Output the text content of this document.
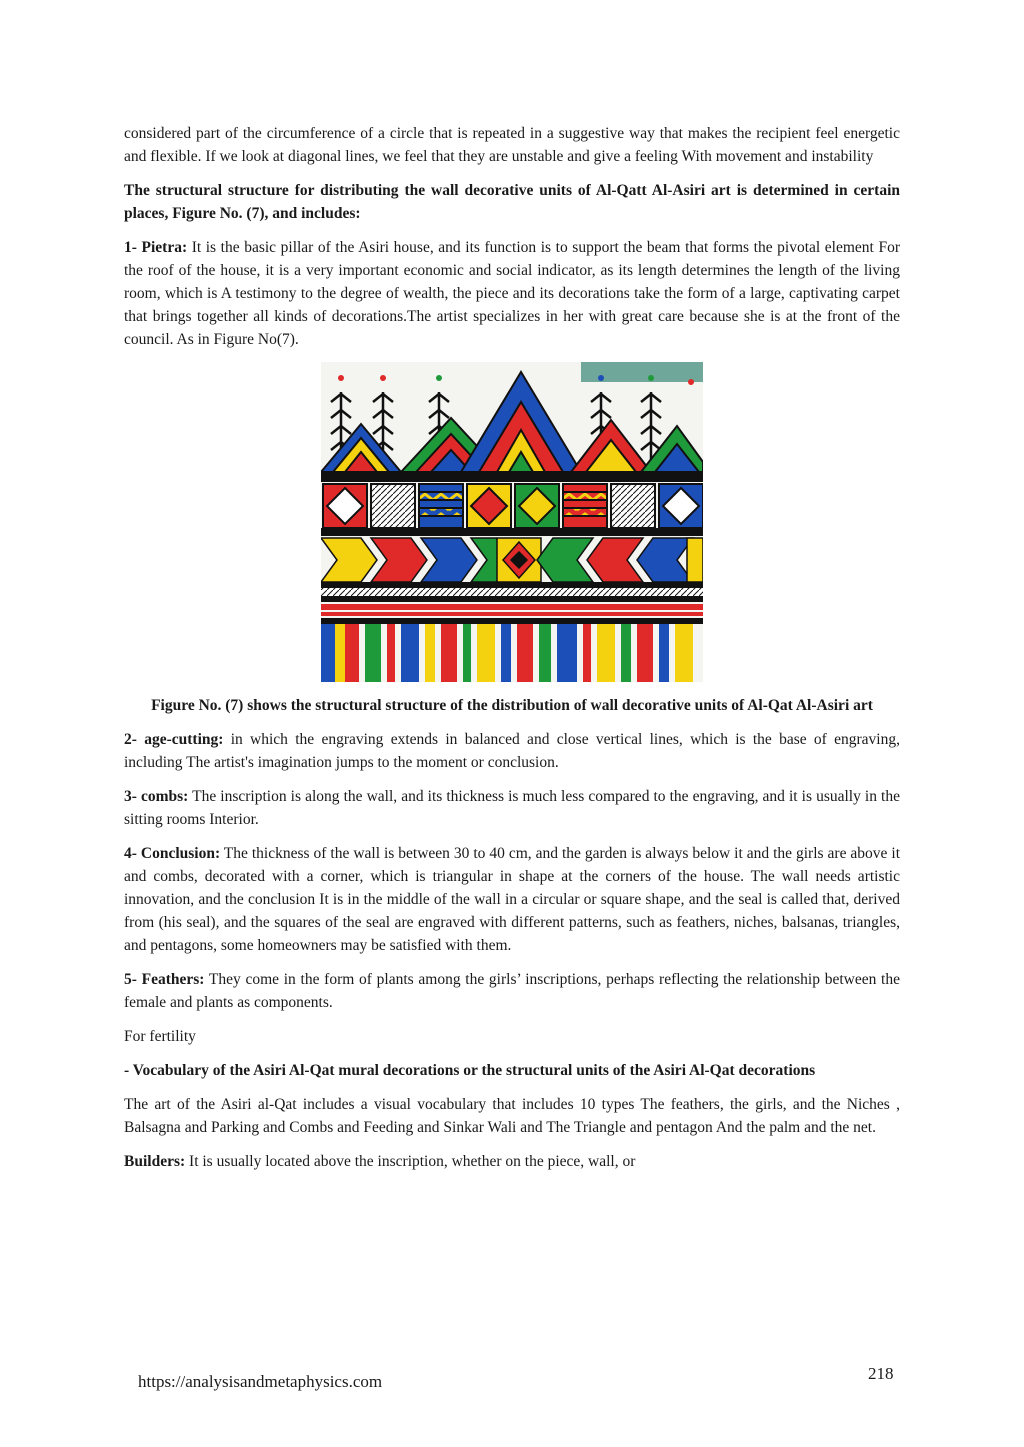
considered part of the circumference of a circle that is repeated in a suggestive way that makes the recipient feel energetic and flexible. If we look at diagonal lines, we feel that they are unstable and give a feeling With movement and instability

The structural structure for distributing the wall decorative units of Al-Qatt Al-Asiri art is determined in certain places, Figure No. (7), and includes:

1- Pietra: It is the basic pillar of the Asiri house, and its function is to support the beam that forms the pivotal element For the roof of the house, it is a very important economic and social indicator, as its length determines the length of the living room, which is A testimony to the degree of wealth, the piece and its decorations take the form of a large, captivating carpet that brings together all kinds of decorations.The artist specializes in her with great care because she is at the front of the council. As in Figure No(7).

Figure No. (7) shows the structural structure of the distribution of wall decorative units of Al-Qat Al-Asiri art

2- age-cutting: in which the engraving extends in balanced and close vertical lines, which is the base of engraving, including The artist's imagination jumps to the moment or conclusion.

3- combs: The inscription is along the wall, and its thickness is much less compared to the engraving, and it is usually in the sitting rooms Interior.

4- Conclusion: The thickness of the wall is between 30 to 40 cm, and the garden is always below it and the girls are above it and combs, decorated with a corner, which is triangular in shape at the corners of the house. The wall needs artistic innovation, and the conclusion It is in the middle of the wall in a circular or square shape, and the seal is called that, derived from (his seal), and the squares of the seal are engraved with different patterns, such as feathers, niches, balsanas, triangles, and pentagons, some homeowners may be satisfied with them.

5- Feathers: They come in the form of plants among the girls’ inscriptions, perhaps reflecting the relationship between the female and plants as components.

For fertility

- Vocabulary of the Asiri Al-Qat mural decorations or the structural units of the Asiri Al-Qat decorations

The art of the Asiri al-Qat includes a visual vocabulary that includes 10 types The feathers, the girls, and the Niches , Balsagna and Parking and Combs and Feeding and Sinkar Wali and The Triangle and pentagon And the palm and the net.

Builders: It is usually located above the inscription, whether on the piece, wall, or

https://analysisandmetaphysics.com	218
